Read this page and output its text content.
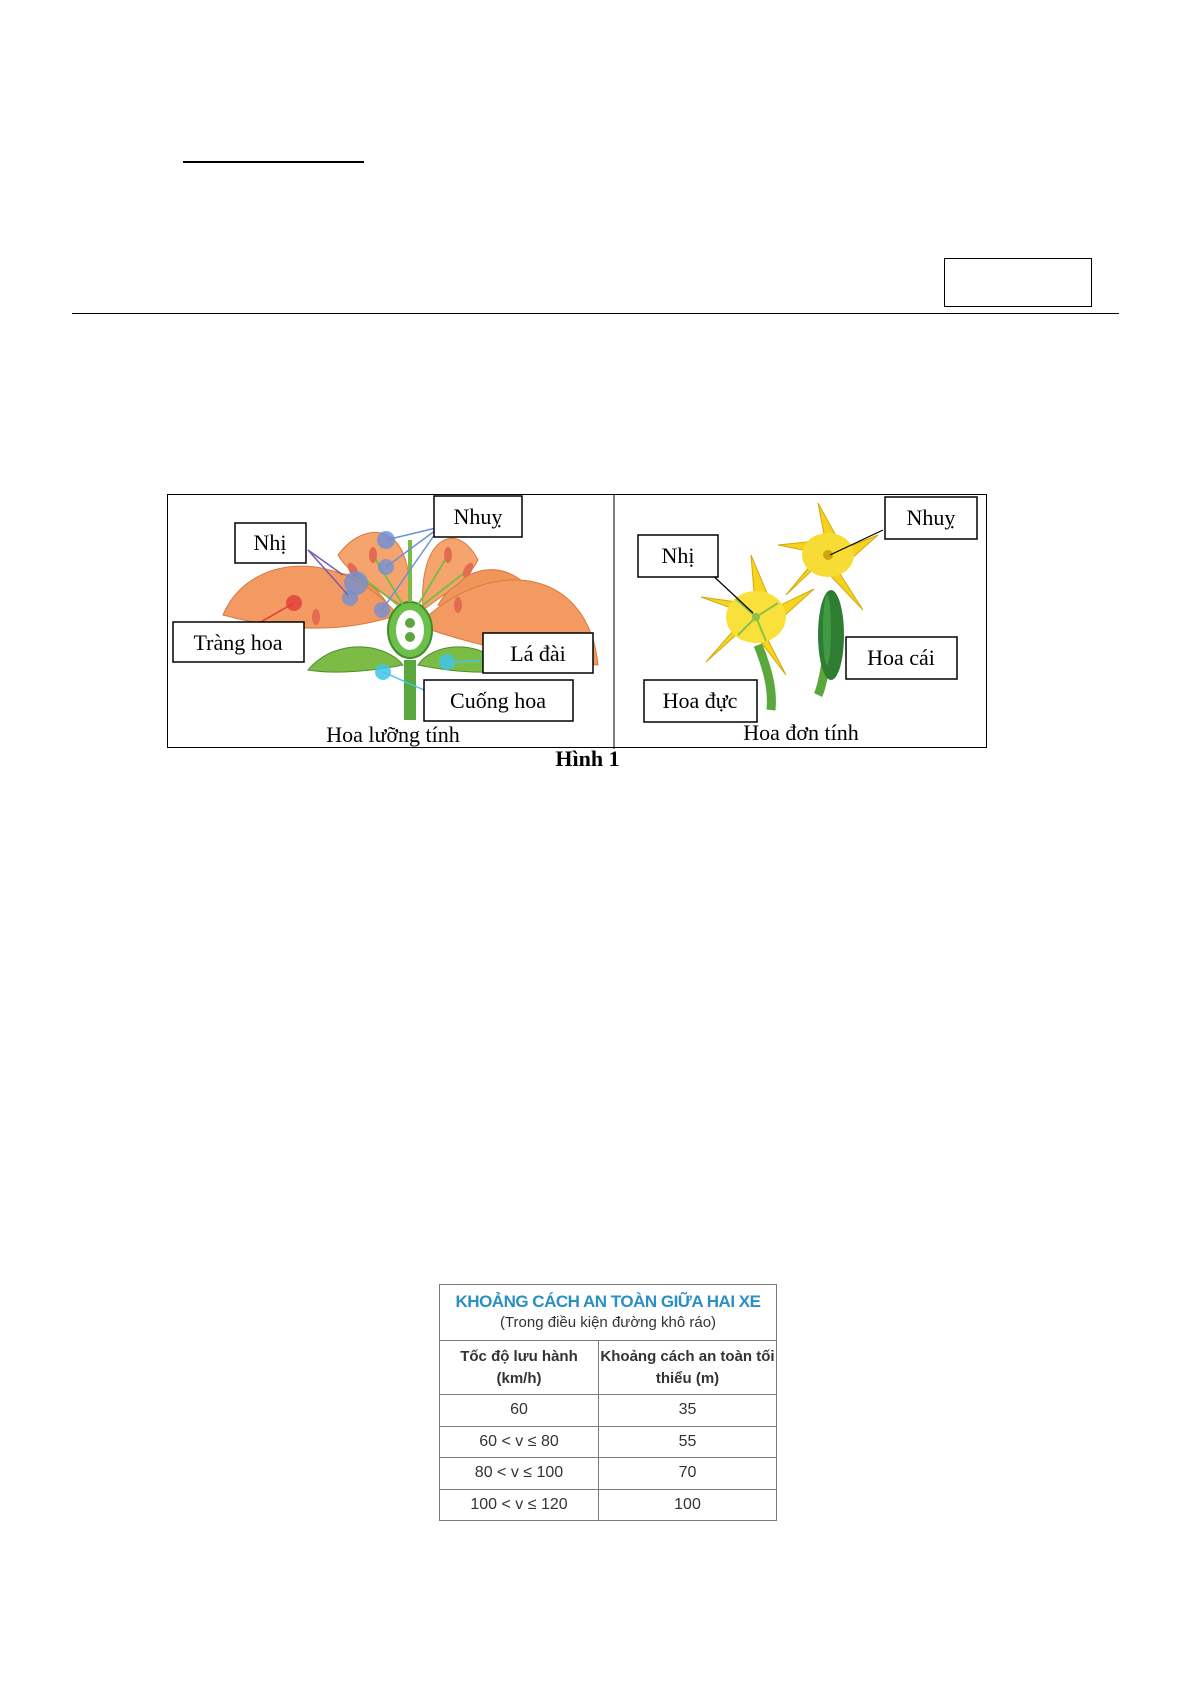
Nhị
Nhuỵ
Tràng hoa	Lá đài
Cuống hoa
Hoa lưỡng tính
Nhị
Nhuỵ
Hoa cái
Hoa đực
Hoa đơn tính
Hình 1
KHOẢNG CÁCH AN TOÀN GIỮA HAI XE
(Trong điều kiện đường khô ráo)
Tốc độ lưu hành (km/h)
Khoảng cách an toàn tối thiểu (m)
60	35
60 < v ≤ 80	55
80 < v ≤ 100	70
100 < v ≤ 120	100
